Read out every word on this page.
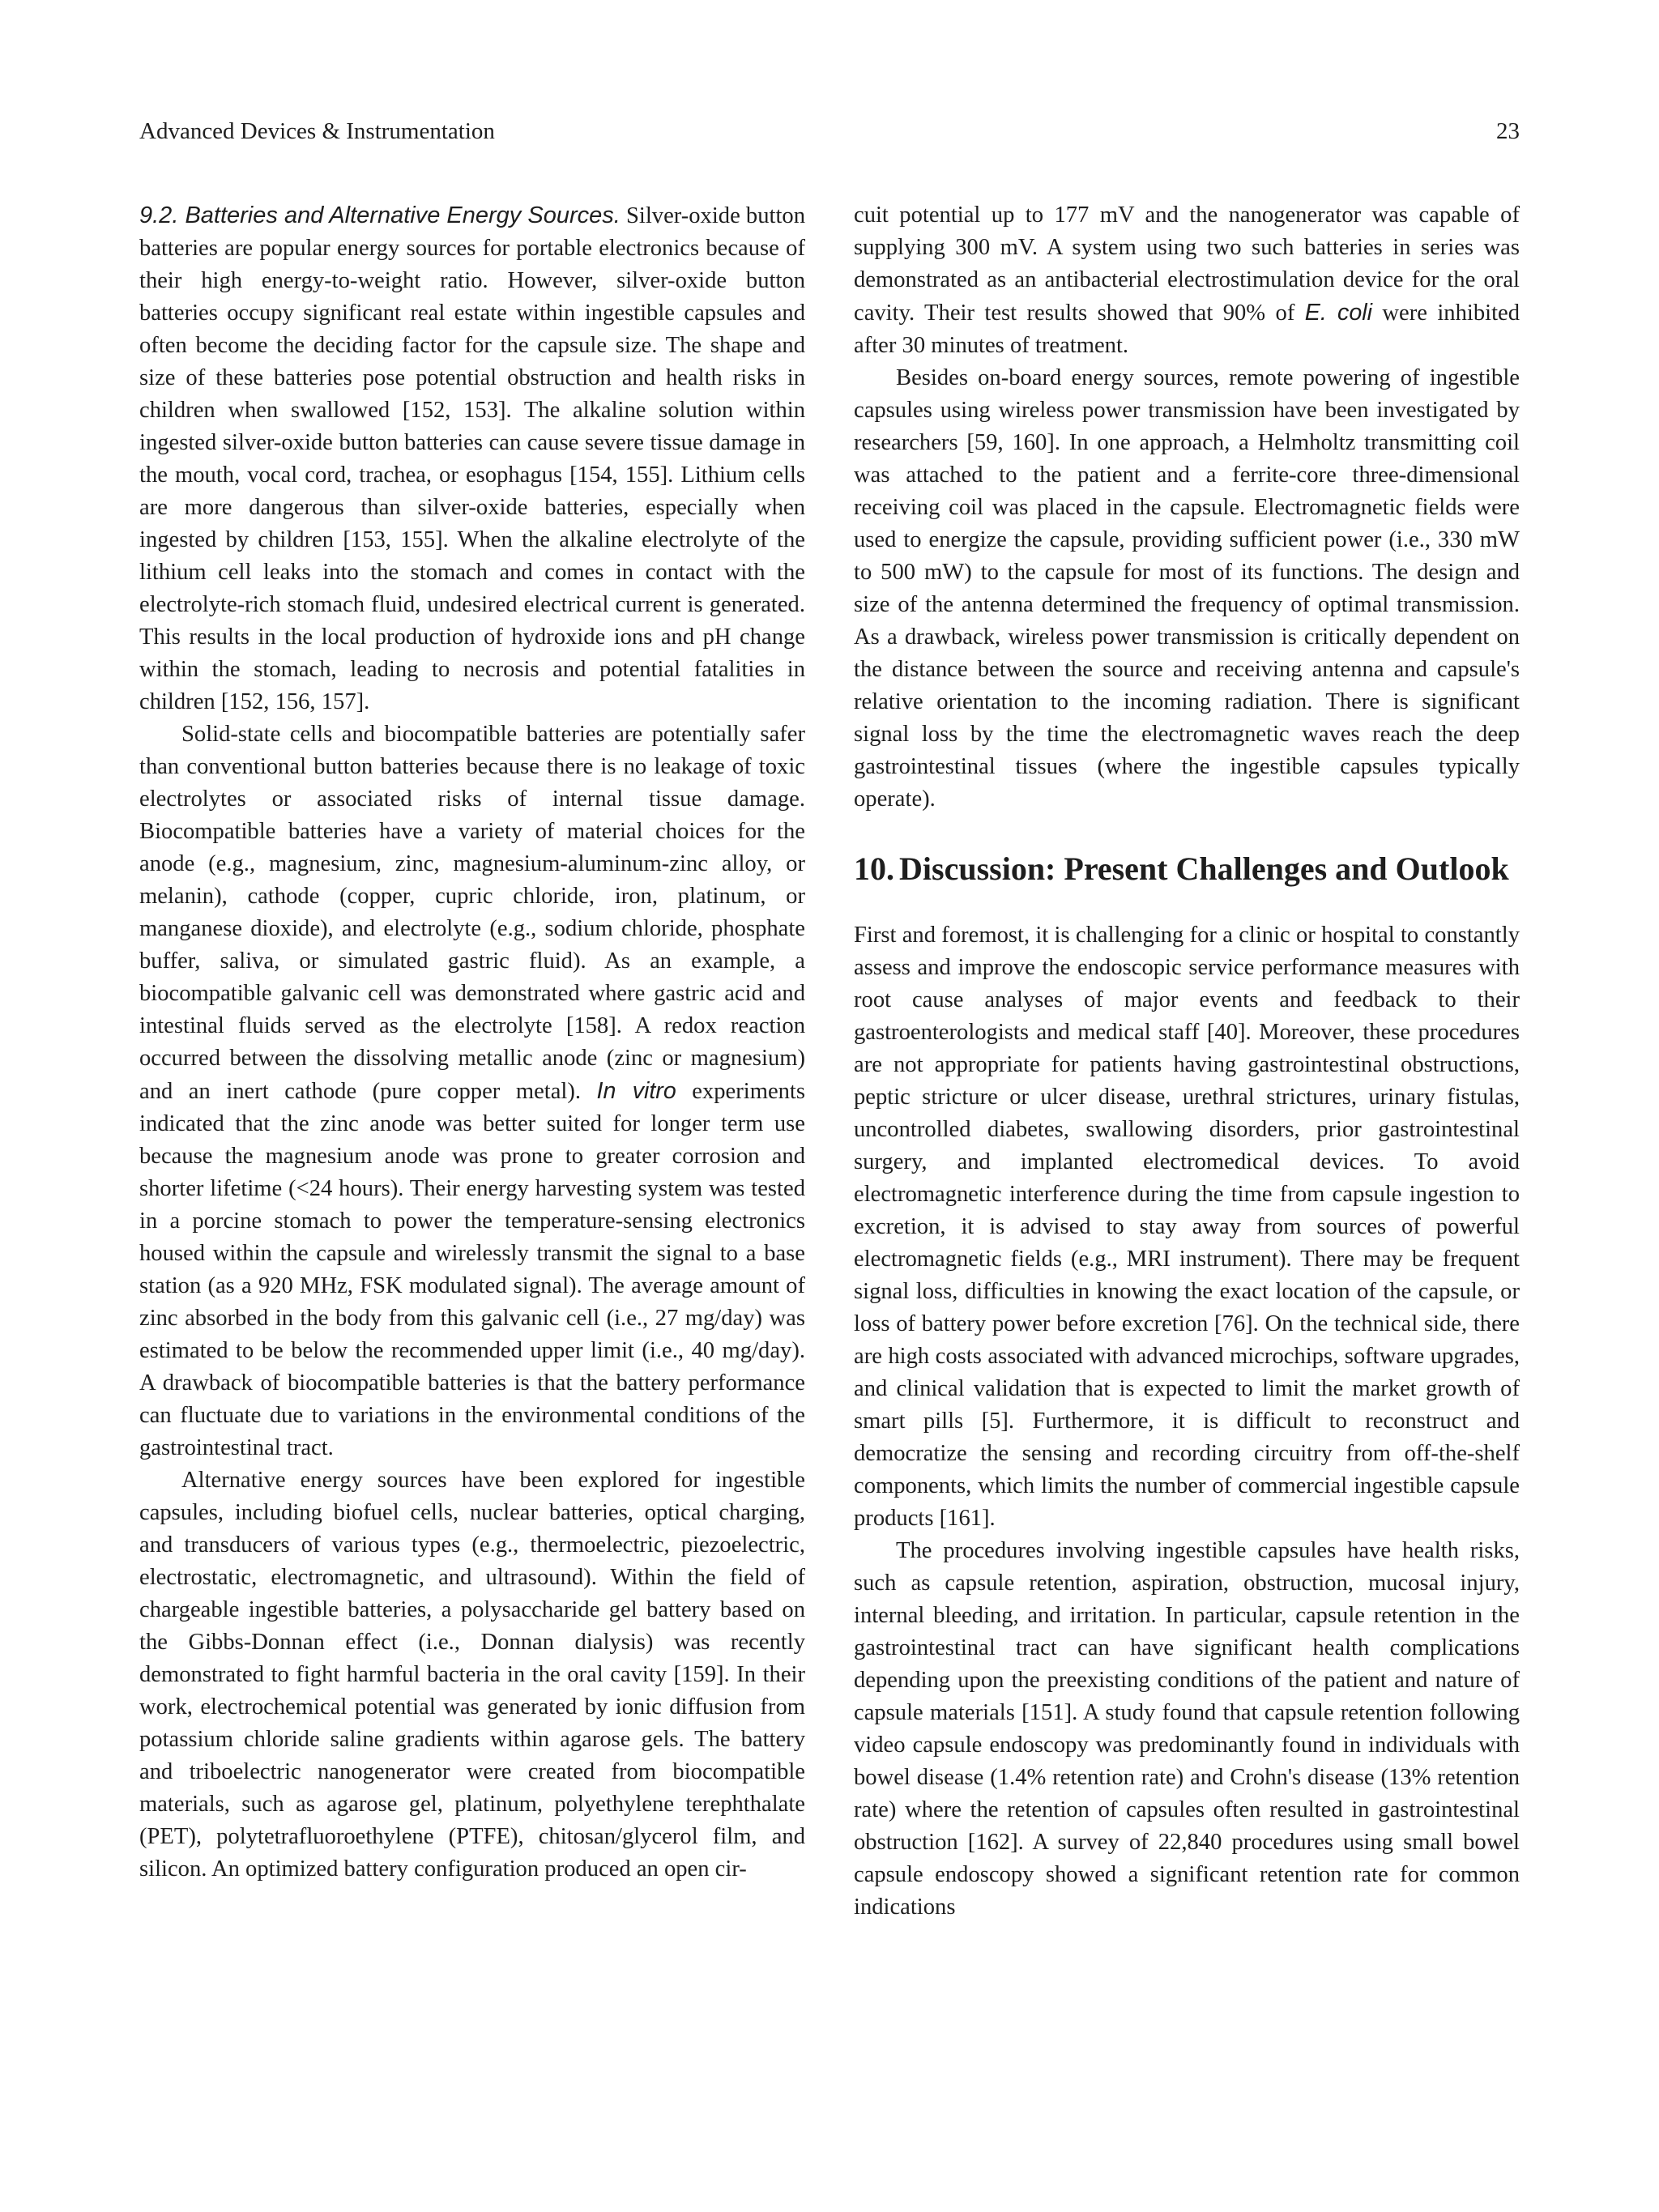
Advanced Devices & Instrumentation	23

9.2. Batteries and Alternative Energy Sources. Silver-oxide button batteries are popular energy sources for portable electronics because of their high energy-to-weight ratio. However, silver-oxide button batteries occupy significant real estate within ingestible capsules and often become the deciding factor for the capsule size. The shape and size of these batteries pose potential obstruction and health risks in children when swallowed [152, 153]. The alkaline solution within ingested silver-oxide button batteries can cause severe tissue damage in the mouth, vocal cord, trachea, or esophagus [154, 155]. Lithium cells are more dangerous than silver-oxide batteries, especially when ingested by children [153, 155]. When the alkaline electrolyte of the lithium cell leaks into the stomach and comes in contact with the electrolyte-rich stomach fluid, undesired electrical current is generated. This results in the local production of hydroxide ions and pH change within the stomach, leading to necrosis and potential fatalities in children [152, 156, 157].

Solid-state cells and biocompatible batteries are potentially safer than conventional button batteries because there is no leakage of toxic electrolytes or associated risks of internal tissue damage. Biocompatible batteries have a variety of material choices for the anode (e.g., magnesium, zinc, magnesium-aluminum-zinc alloy, or melanin), cathode (copper, cupric chloride, iron, platinum, or manganese dioxide), and electrolyte (e.g., sodium chloride, phosphate buffer, saliva, or simulated gastric fluid). As an example, a biocompatible galvanic cell was demonstrated where gastric acid and intestinal fluids served as the electrolyte [158]. A redox reaction occurred between the dissolving metallic anode (zinc or magnesium) and an inert cathode (pure copper metal). In vitro experiments indicated that the zinc anode was better suited for longer term use because the magnesium anode was prone to greater corrosion and shorter lifetime (<24 hours). Their energy harvesting system was tested in a porcine stomach to power the temperature-sensing electronics housed within the capsule and wirelessly transmit the signal to a base station (as a 920 MHz, FSK modulated signal). The average amount of zinc absorbed in the body from this galvanic cell (i.e., 27 mg/day) was estimated to be below the recommended upper limit (i.e., 40 mg/day). A drawback of biocompatible batteries is that the battery performance can fluctuate due to variations in the environmental conditions of the gastrointestinal tract.

Alternative energy sources have been explored for ingestible capsules, including biofuel cells, nuclear batteries, optical charging, and transducers of various types (e.g., thermoelectric, piezoelectric, electrostatic, electromagnetic, and ultrasound). Within the field of chargeable ingestible batteries, a polysaccharide gel battery based on the Gibbs-Donnan effect (i.e., Donnan dialysis) was recently demonstrated to fight harmful bacteria in the oral cavity [159]. In their work, electrochemical potential was generated by ionic diffusion from potassium chloride saline gradients within agarose gels. The battery and triboelectric nanogenerator were created from biocompatible materials, such as agarose gel, platinum, polyethylene terephthalate (PET), polytetrafluoroethylene (PTFE), chitosan/glycerol film, and silicon. An optimized battery configuration produced an open cir-

cuit potential up to 177 mV and the nanogenerator was capable of supplying 300 mV. A system using two such batteries in series was demonstrated as an antibacterial electrostimulation device for the oral cavity. Their test results showed that 90% of E. coli were inhibited after 30 minutes of treatment.

Besides on-board energy sources, remote powering of ingestible capsules using wireless power transmission have been investigated by researchers [59, 160]. In one approach, a Helmholtz transmitting coil was attached to the patient and a ferrite-core three-dimensional receiving coil was placed in the capsule. Electromagnetic fields were used to energize the capsule, providing sufficient power (i.e., 330 mW to 500 mW) to the capsule for most of its functions. The design and size of the antenna determined the frequency of optimal transmission. As a drawback, wireless power transmission is critically dependent on the distance between the source and receiving antenna and capsule's relative orientation to the incoming radiation. There is significant signal loss by the time the electromagnetic waves reach the deep gastrointestinal tissues (where the ingestible capsules typically operate).

10. Discussion: Present Challenges and Outlook

First and foremost, it is challenging for a clinic or hospital to constantly assess and improve the endoscopic service performance measures with root cause analyses of major events and feedback to their gastroenterologists and medical staff [40]. Moreover, these procedures are not appropriate for patients having gastrointestinal obstructions, peptic stricture or ulcer disease, urethral strictures, urinary fistulas, uncontrolled diabetes, swallowing disorders, prior gastrointestinal surgery, and implanted electromedical devices. To avoid electromagnetic interference during the time from capsule ingestion to excretion, it is advised to stay away from sources of powerful electromagnetic fields (e.g., MRI instrument). There may be frequent signal loss, difficulties in knowing the exact location of the capsule, or loss of battery power before excretion [76]. On the technical side, there are high costs associated with advanced microchips, software upgrades, and clinical validation that is expected to limit the market growth of smart pills [5]. Furthermore, it is difficult to reconstruct and democratize the sensing and recording circuitry from off-the-shelf components, which limits the number of commercial ingestible capsule products [161].

The procedures involving ingestible capsules have health risks, such as capsule retention, aspiration, obstruction, mucosal injury, internal bleeding, and irritation. In particular, capsule retention in the gastrointestinal tract can have significant health complications depending upon the preexisting conditions of the patient and nature of capsule materials [151]. A study found that capsule retention following video capsule endoscopy was predominantly found in individuals with bowel disease (1.4% retention rate) and Crohn's disease (13% retention rate) where the retention of capsules often resulted in gastrointestinal obstruction [162]. A survey of 22,840 procedures using small bowel capsule endoscopy showed a significant retention rate for common indications
